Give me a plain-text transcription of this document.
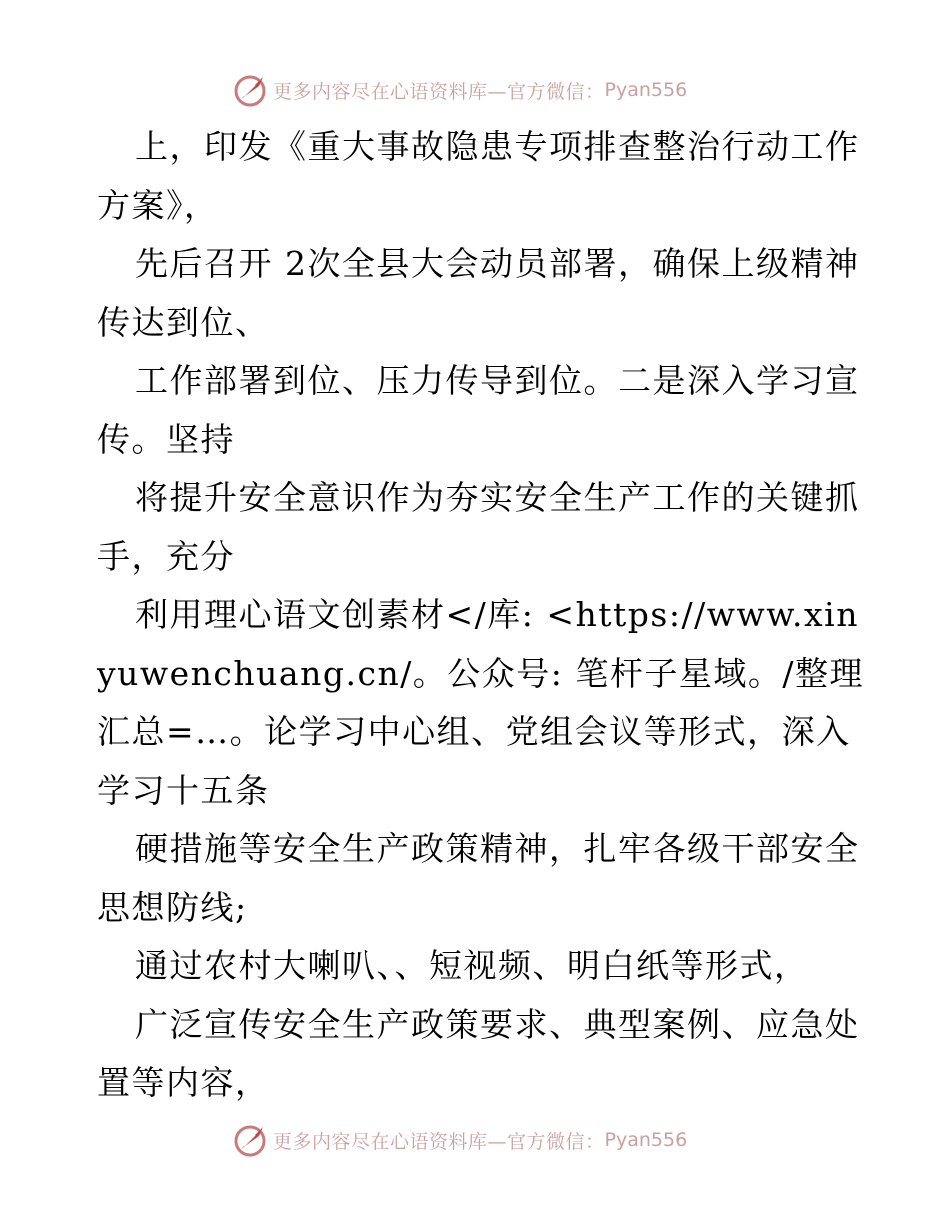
更多内容尽在心语资料库—官方微信： Pyan556

上，印发《重大事故隐患专项排查整治行动工作方案》，

先后召开 2次全县大会动员部署，确保上级精神传达到位、

工作部署到位、压力传导到位。二是深入学习宣传。坚持

将提升安全意识作为夯实安全生产工作的关键抓手，充分

利用理心语文创素材</库: <https://www.xinyuwenchuang.cn/。公众号: 笔杆子星域。/整理汇总=…。论学习中心组、党组会议等形式，深入学习十五条

硬措施等安全生产政策精神，扎牢各级干部安全思想防线;

通过农村大喇叭、、短视频、明白纸等形式，

广泛宣传安全生产政策要求、典型案例、应急处置等内容，

更多内容尽在心语资料库—官方微信： Pyan556
